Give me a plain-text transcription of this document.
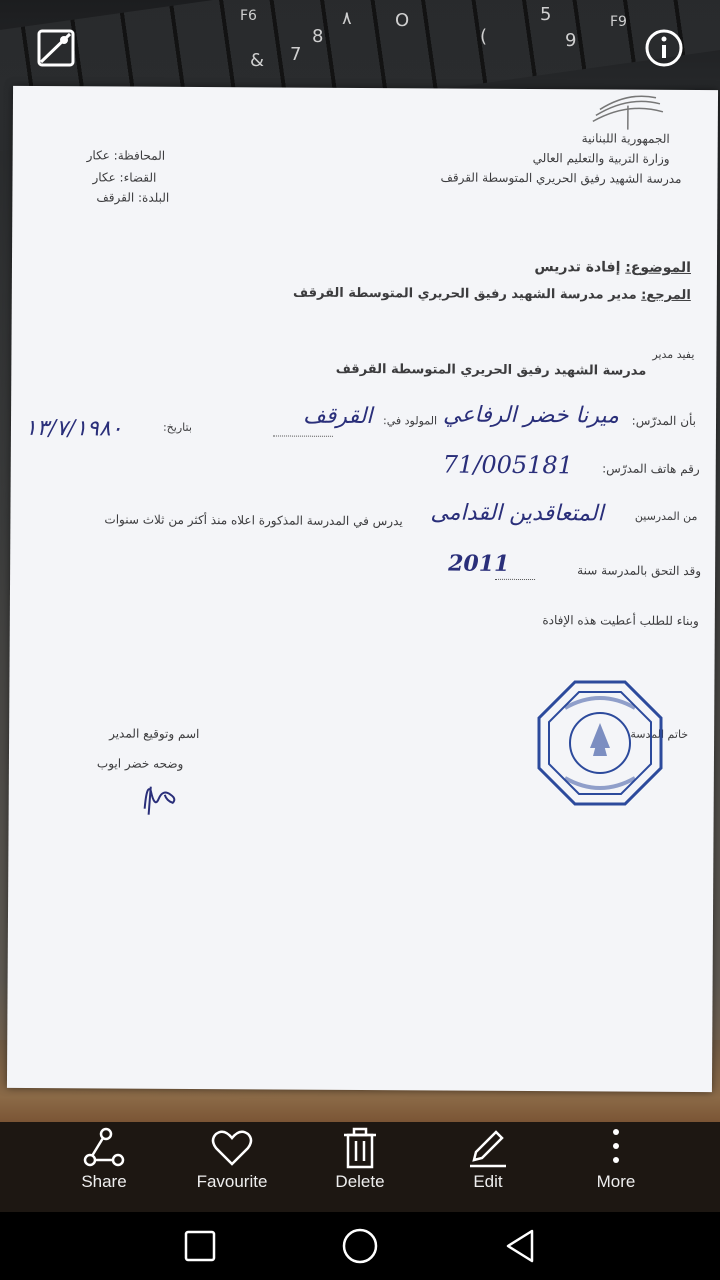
F6
8
٨ O	5
& 7
(	9
F9
الجمهورية اللبنانية
وزارة التربية والتعليم العالي
مدرسة الشهيد رفيق الحريري المتوسطة القرقف
المحافظة: عكار
القضاء: عكار
البلدة: القرقف
الموضوع: إفادة تدريس
المرجع: مدير مدرسة الشهيد رفيق الحريري المتوسطة القرقف
يفيد مدير
مدرسة الشهيد رفيق الحريري المتوسطة القرقف
بأن المدرّس:
ميرنا خضر الرفاعي
المولود في:
القرقف
بتاريخ:
١٣/٧/١٩٨٠
رقم هاتف المدرّس:
71/005181
من المدرسين
المتعاقدين القدامى
يدرس في المدرسة المذكورة اعلاه منذ أكثر من ثلاث سنوات
وقد التحق بالمدرسة سنة
2011
وبناء للطلب أعطيت هذه الإفادة
خاتم المدسة
اسم وتوقيع المدير
وضحه خضر ايوب
Share	Favourite	Delete	Edit	More
